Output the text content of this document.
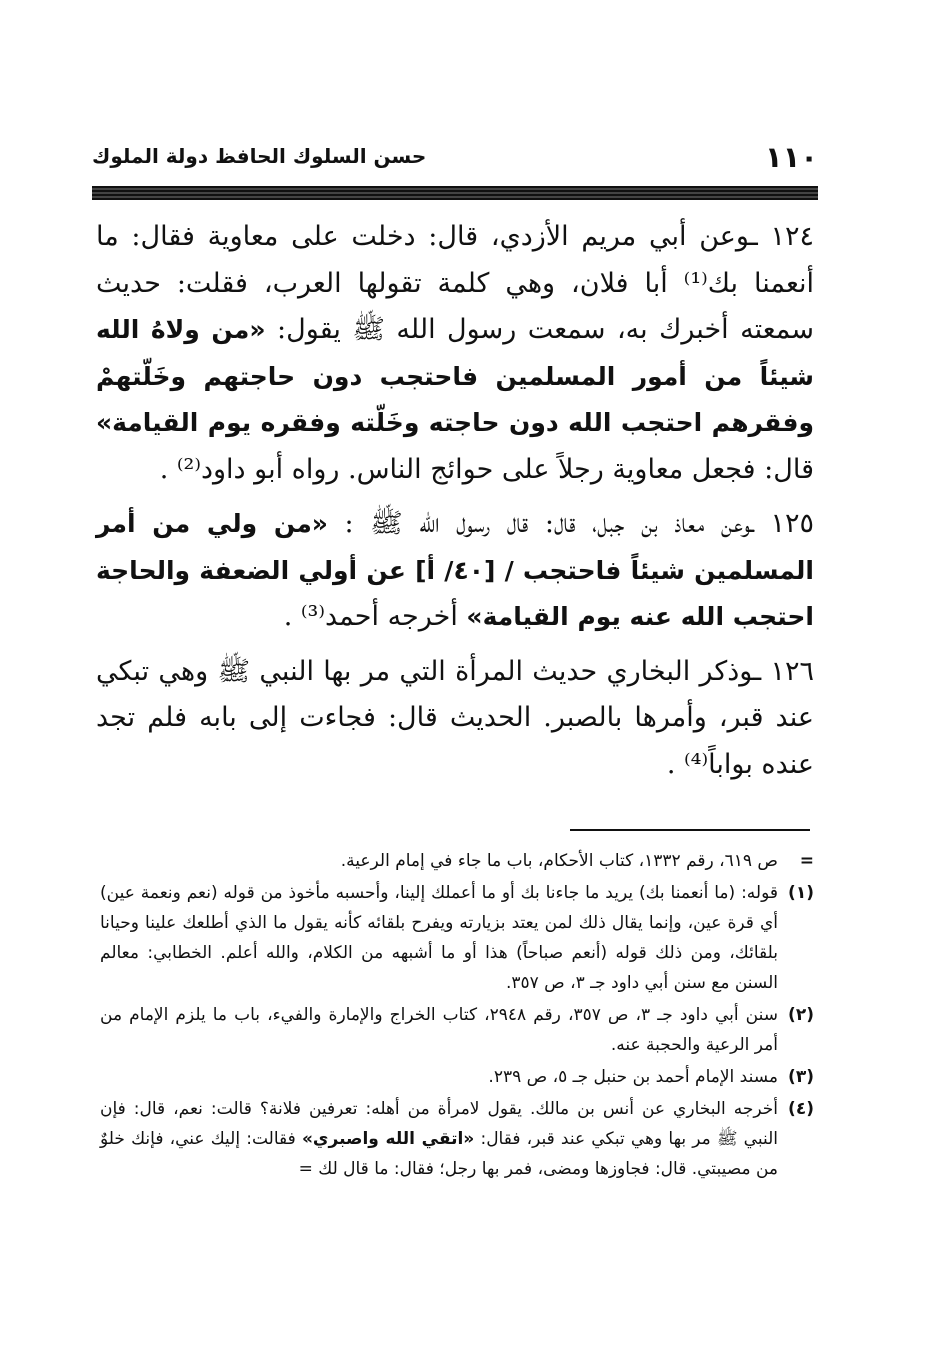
١١٠
حسن السلوك الحافظ دولة الملوك

١٢٤ ـوعن أبي مريم الأزدي، قال: دخلت على معاوية فقال: ما أنعمنا بك⁽¹⁾ أبا فلان، وهي كلمة تقولها العرب، فقلت: حديث سمعته أخبرك به، سمعت رسول الله ﷺ يقول: «من ولاهُ الله شيئاً من أمور المسلمين فاحتجب دون حاجتهم وخَلّتهمْ وفقرهم احتجب الله دون حاجته وخَلّته وفقره يوم القيامة» قال: فجعل معاوية رجلاً على حوائج الناس. رواه أبو داود⁽²⁾ .

١٢٥ ـوعن معاذ بن جبل، قال: قال رسول الله ﷺ : «من ولي من أمر المسلمين شيئاً فاحتجب / [٤٠/ أ] عن أولي الضعفة والحاجة احتجب الله عنه يوم القيامة» أخرجه أحمد⁽³⁾ .

١٢٦ ـوذكر البخاري حديث المرأة التي مر بها النبي ﷺ وهي تبكي عند قبر، وأمرها بالصبر. الحديث قال: فجاءت إلى بابه فلم تجد عنده بواباً⁽⁴⁾ .

=
ص ٦١٩، رقم ١٣٣٢، كتاب الأحكام، باب ما جاء في إمام الرعية.

(١)
قوله: (ما أنعمنا بك) يريد ما جاءنا بك أو ما أعملك إلينا، وأحسبه مأخوذ من قوله (نعم ونعمة عين) أي قرة عين، وإنما يقال ذلك لمن يعتد بزيارته ويفرح بلقائه كأنه يقول ما الذي أطلعك علينا وحيانا بلقائك، ومن ذلك قوله (أنعم صباحاً) هذا أو ما أشبهه من الكلام، والله أعلم. الخطابي: معالم السنن مع سنن أبي داود جـ ٣، ص ٣٥٧.

(٢)
سنن أبي داود جـ ٣، ص ٣٥٧، رقم ٢٩٤٨، كتاب الخراج والإمارة والفيء، باب ما يلزم الإمام من أمر الرعية والحجبة عنه.

(٣)
مسند الإمام أحمد بن حنبل جـ ٥، ص ٢٣٩.

(٤)
أخرجه البخاري عن أنس بن مالك. يقول لامرأة من أهله: تعرفين فلانة؟ قالت: نعم، قال: فإن النبي ﷺ مر بها وهي تبكي عند قبر، فقال: «اتقي الله واصبري» فقالت: إليك عني، فإنك خلوٌ من مصيبتي. قال: فجاوزها ومضى، فمر بها رجل؛ فقال: ما قال لك =
